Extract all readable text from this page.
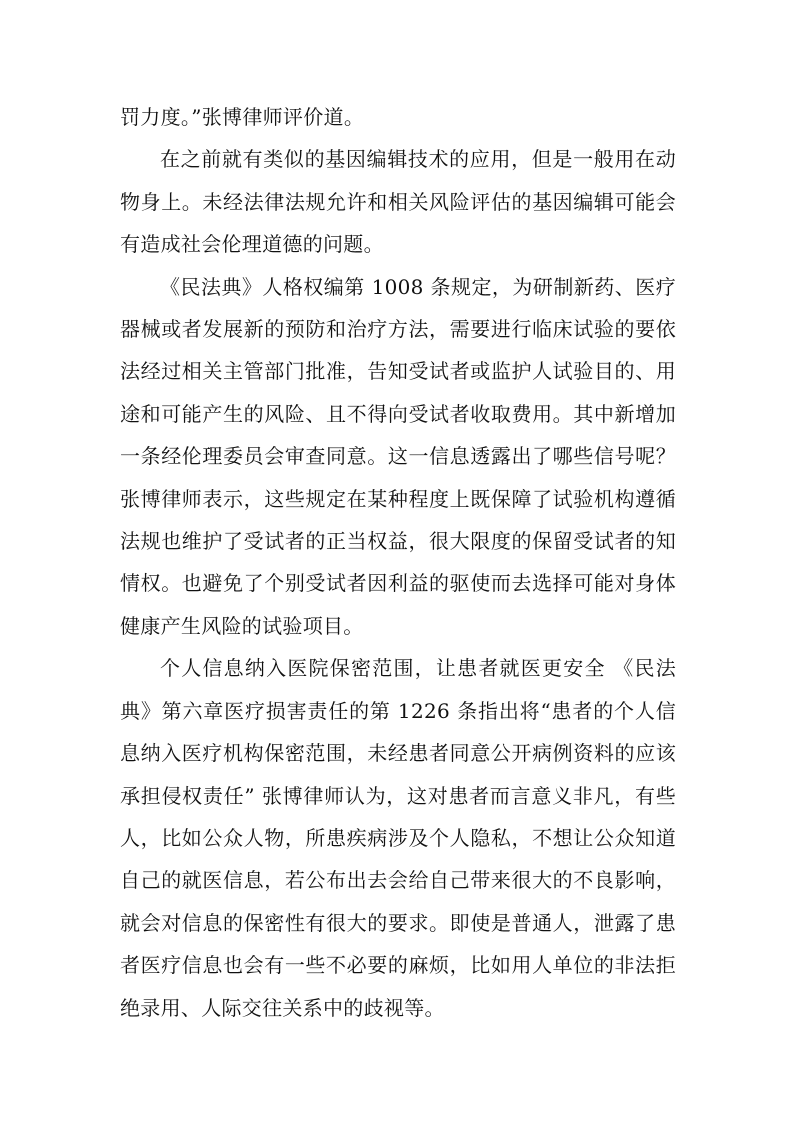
罚力度。”张博律师评价道。

在之前就有类似的基因编辑技术的应用，但是一般用在动物身上。未经法律法规允许和相关风险评估的基因编辑可能会有造成社会伦理道德的问题。

《民法典》人格权编第 1008 条规定，为研制新药、医疗器械或者发展新的预防和治疗方法，需要进行临床试验的要依法经过相关主管部门批准，告知受试者或监护人试验目的、用途和可能产生的风险、且不得向受试者收取费用。其中新增加一条经伦理委员会审查同意。这一信息透露出了哪些信号呢？ 张博律师表示，这些规定在某种程度上既保障了试验机构遵循法规也维护了受试者的正当权益，很大限度的保留受试者的知情权。也避免了个别受试者因利益的驱使而去选择可能对身体健康产生风险的试验项目。

个人信息纳入医院保密范围，让患者就医更安全 《民法典》第六章医疗损害责任的第 1226 条指出将“患者的个人信息纳入医疗机构保密范围，未经患者同意公开病例资料的应该承担侵权责任” 张博律师认为，这对患者而言意义非凡，有些人，比如公众人物，所患疾病涉及个人隐私，不想让公众知道自己的就医信息，若公布出去会给自己带来很大的不良影响，就会对信息的保密性有很大的要求。即使是普通人，泄露了患者医疗信息也会有一些不必要的麻烦，比如用人单位的非法拒绝录用、人际交往关系中的歧视等。
